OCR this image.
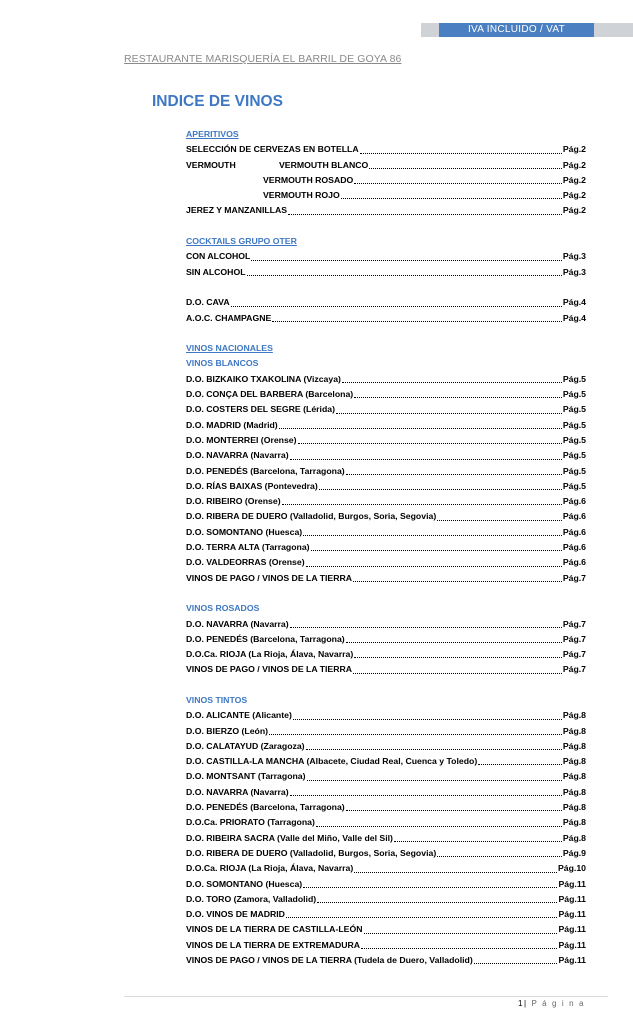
IVA INCLUIDO / VAT
RESTAURANTE MARISQUERÍA EL BARRIL DE GOYA 86
INDICE DE VINOS
APERITIVOS
SELECCIÓN DE CERVEZAS EN BOTELLA	Pág.2
VERMOUTH	VERMOUTH BLANCO	Pág.2
VERMOUTH ROSADO	Pág.2
VERMOUTH ROJO	Pág.2
JEREZ Y MANZANILLAS	Pág.2
COCKTAILS GRUPO OTER
CON ALCOHOL	Pág.3
SIN ALCOHOL	Pág.3
D.O. CAVA	Pág.4
A.O.C. CHAMPAGNE	Pág.4
VINOS NACIONALES
VINOS BLANCOS
D.O. BIZKAIKO TXAKOLINA (Vizcaya)	Pág.5
D.O. CONÇA DEL BARBERA (Barcelona)	Pág.5
D.O. COSTERS DEL SEGRE (Lérida)	Pág.5
D.O. MADRID (Madrid)	Pág.5
D.O. MONTERREI (Orense)	Pág.5
D.O. NAVARRA (Navarra)	Pág.5
D.O. PENEDÉS (Barcelona, Tarragona)	Pág.5
D.O. RÍAS BAIXAS (Pontevedra)	Pág.5
D.O. RIBEIRO (Orense)	Pág.6
D.O. RIBERA DE DUERO (Valladolid, Burgos, Soria, Segovia)	Pág.6
D.O. SOMONTANO (Huesca)	Pág.6
D.O. TERRA ALTA (Tarragona)	Pág.6
D.O. VALDEORRAS (Orense)	Pág.6
VINOS DE PAGO / VINOS DE LA TIERRA	Pág.7
VINOS ROSADOS
D.O. NAVARRA (Navarra)	Pág.7
D.O. PENEDÉS (Barcelona, Tarragona)	Pág.7
D.O.Ca. RIOJA (La Rioja, Álava, Navarra)	Pág.7
VINOS DE PAGO / VINOS DE LA TIERRA	Pág.7
VINOS TINTOS
D.O. ALICANTE (Alicante)	Pág.8
D.O. BIERZO (León)	Pág.8
D.O. CALATAYUD (Zaragoza)	Pág.8
D.O. CASTILLA-LA MANCHA (Albacete, Ciudad Real, Cuenca y Toledo)	Pág.8
D.O. MONTSANT (Tarragona)	Pág.8
D.O. NAVARRA (Navarra)	Pág.8
D.O. PENEDÉS (Barcelona, Tarragona)	Pág.8
D.O.Ca. PRIORATO (Tarragona)	Pág.8
D.O. RIBEIRA SACRA (Valle del Miño, Valle del Sil)	Pág.8
D.O. RIBERA DE DUERO (Valladolid, Burgos, Soria, Segovia)	Pág.9
D.O.Ca. RIOJA (La Rioja, Álava, Navarra)	Pág.10
D.O. SOMONTANO (Huesca)	Pág.11
D.O. TORO (Zamora, Valladolid)	Pág.11
D.O. VINOS DE MADRID	Pág.11
VINOS DE LA TIERRA DE CASTILLA-LEÓN	Pág.11
VINOS DE LA TIERRA DE EXTREMADURA	Pág.11
VINOS DE PAGO / VINOS DE LA TIERRA (Tudela de Duero, Valladolid)	Pág.11
1| P á g i n a
